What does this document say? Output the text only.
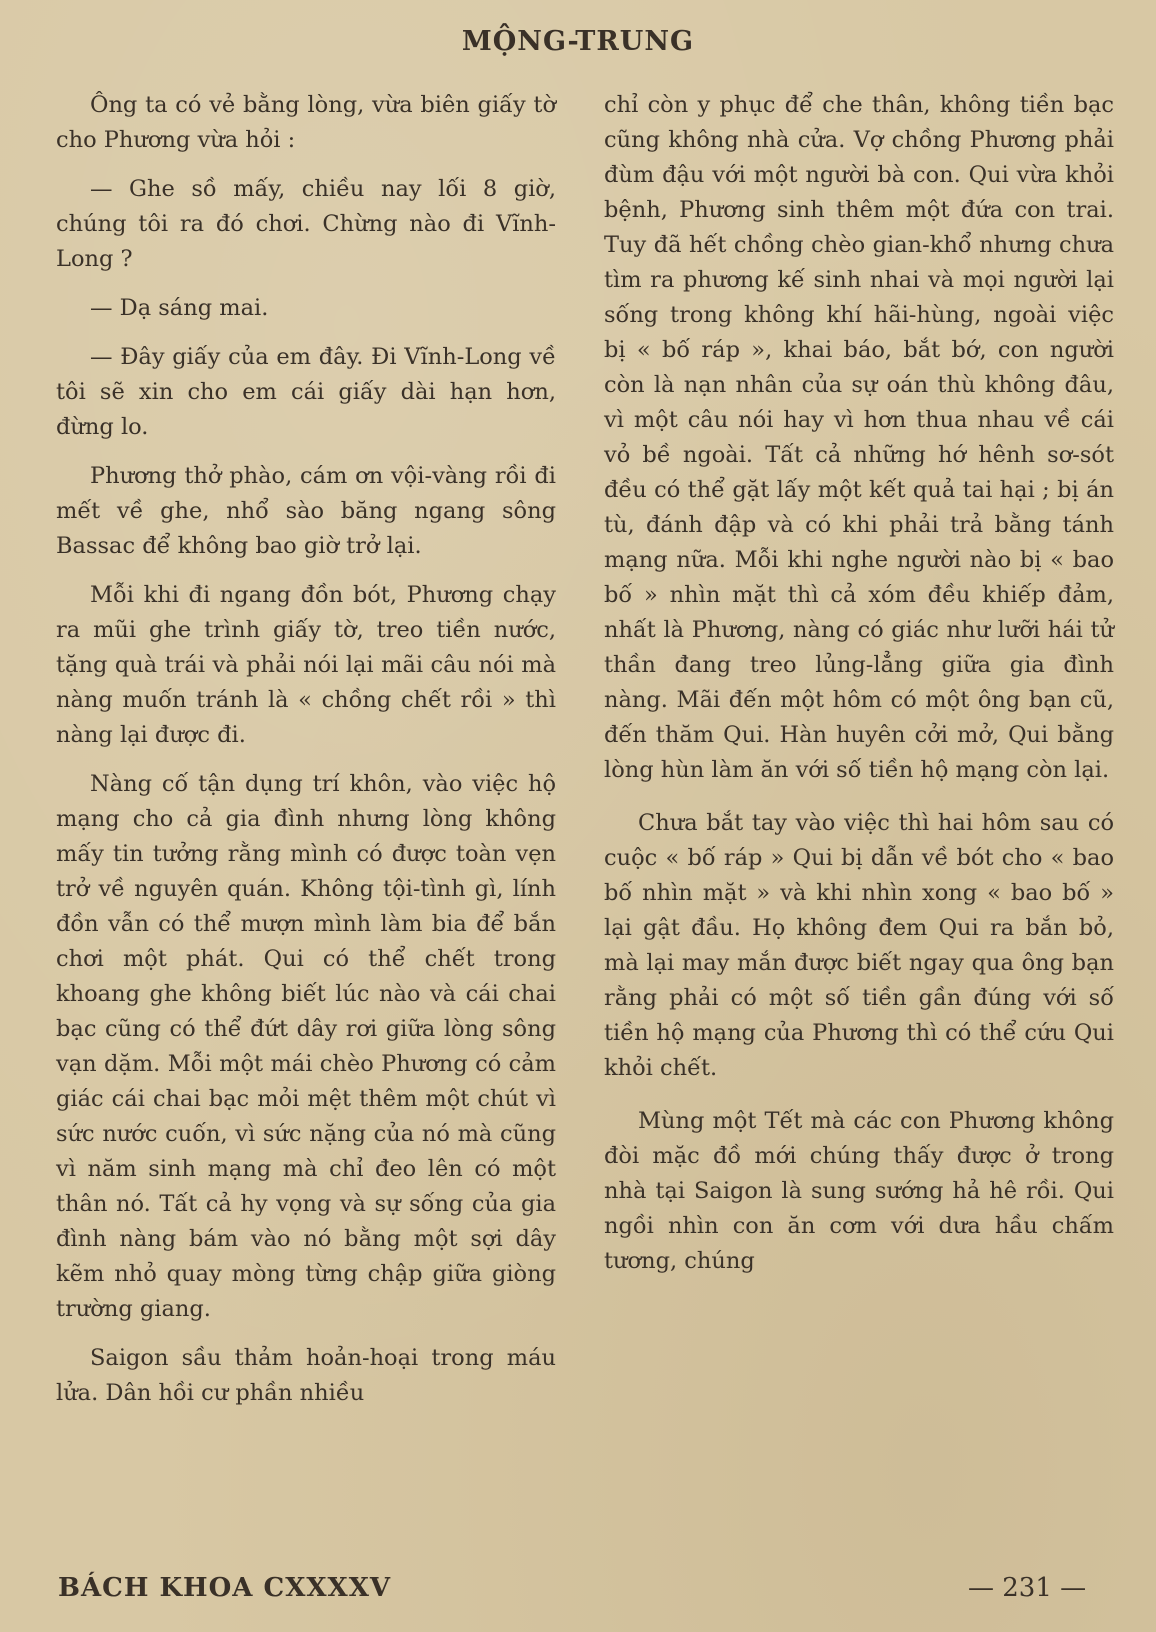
MỘNG-TRUNG

Ông ta có vẻ bằng lòng, vừa biên giấy tờ cho Phương vừa hỏi :

— Ghe sồ mấy, chiều nay lối 8 giờ, chúng tôi ra đó chơi. Chừng nào đi Vĩnh-Long ?

— Dạ sáng mai.

— Đây giấy của em đây. Đi Vĩnh-Long về tôi sẽ xin cho em cái giấy dài hạn hơn, đừng lo.

Phương thở phào, cám ơn vội-vàng rồi đi mết về ghe, nhổ sào băng ngang sông Bassac để không bao giờ trở lại.

Mỗi khi đi ngang đồn bót, Phương chạy ra mũi ghe trình giấy tờ, treo tiền nước, tặng quà trái và phải nói lại mãi câu nói mà nàng muốn tránh là « chồng chết rồi » thì nàng lại được đi.

Nàng cố tận dụng trí khôn, vào việc hộ mạng cho cả gia đình nhưng lòng không mấy tin tưởng rằng mình có được toàn vẹn trở về nguyên quán. Không tội-tình gì, lính đồn vẫn có thể mượn mình làm bia để bắn chơi một phát. Qui có thể chết trong khoang ghe không biết lúc nào và cái chai bạc cũng có thể đứt dây rơi giữa lòng sông vạn dặm. Mỗi một mái chèo Phương có cảm giác cái chai bạc mỏi mệt thêm một chút vì sức nước cuốn, vì sức nặng của nó mà cũng vì năm sinh mạng mà chỉ đeo lên có một thân nó. Tất cả hy vọng và sự sống của gia đình nàng bám vào nó bằng một sợi dây kẽm nhỏ quay mòng từng chập giữa giòng trường giang.

Saigon sầu thảm hoản-hoại trong máu lửa. Dân hồi cư phần nhiều

chỉ còn y phục để che thân, không tiền bạc cũng không nhà cửa. Vợ chồng Phương phải đùm đậu với một người bà con. Qui vừa khỏi bệnh, Phương sinh thêm một đứa con trai. Tuy đã hết chồng chèo gian-khổ nhưng chưa tìm ra phương kế sinh nhai và mọi người lại sống trong không khí hãi-hùng, ngoài việc bị « bố ráp », khai báo, bắt bớ, con người còn là nạn nhân của sự oán thù không đâu, vì một câu nói hay vì hơn thua nhau về cái vỏ bề ngoài. Tất cả những hớ hênh sơ-sót đều có thể gặt lấy một kết quả tai hại ; bị án tù, đánh đập và có khi phải trả bằng tánh mạng nữa. Mỗi khi nghe người nào bị « bao bố » nhìn mặt thì cả xóm đều khiếp đảm, nhất là Phương, nàng có giác như lưỡi hái tử thần đang treo lủng-lẳng giữa gia đình nàng. Mãi đến một hôm có một ông bạn cũ, đến thăm Qui. Hàn huyên cởi mở, Qui bằng lòng hùn làm ăn với số tiền hộ mạng còn lại.

Chưa bắt tay vào việc thì hai hôm sau có cuộc « bố ráp » Qui bị dẫn về bót cho « bao bố nhìn mặt » và khi nhìn xong « bao bố » lại gật đầu. Họ không đem Qui ra bắn bỏ, mà lại may mắn được biết ngay qua ông bạn rằng phải có một số tiền gần đúng với số tiền hộ mạng của Phương thì có thể cứu Qui khỏi chết.

Mùng một Tết mà các con Phương không đòi mặc đồ mới chúng thấy được ở trong nhà tại Saigon là sung sướng hả hê rồi. Qui ngồi nhìn con ăn cơm với dưa hầu chấm tương, chúng

BÁCH KHOA CXXXXV	— 231 —
